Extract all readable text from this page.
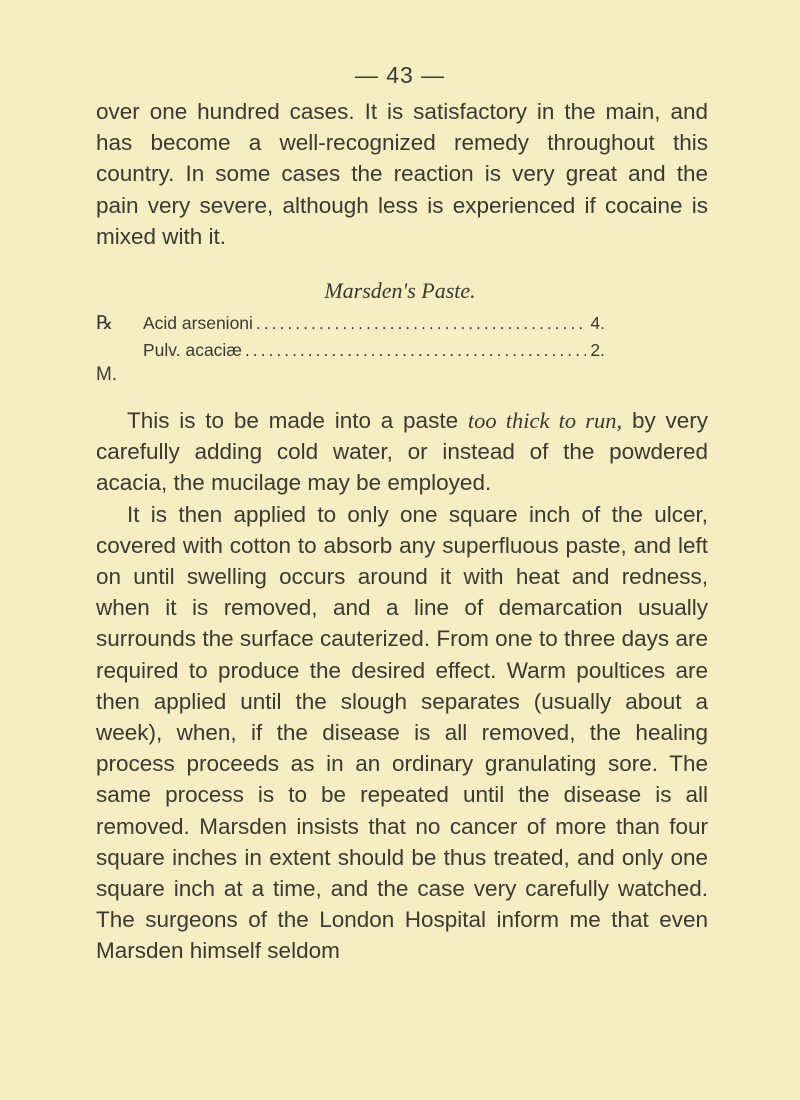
— 43 —

over one hundred cases. It is satisfactory in the main, and has become a well-recognized remedy throughout this country. In some cases the reaction is very great and the pain very severe, although less is experienced if cocaine is mixed with it.

Marsden's Paste.
℞ Acid arsenioni .....	4.
Pulv. acaciæ .....	2.
M.

This is to be made into a paste too thick to run, by very carefully adding cold water, or instead of the powdered acacia, the mucilage may be employed.

It is then applied to only one square inch of the ulcer, covered with cotton to absorb any superfluous paste, and left on until swelling occurs around it with heat and redness, when it is removed, and a line of demarcation usually surrounds the surface cauterized. From one to three days are required to produce the desired effect. Warm poultices are then applied until the slough separates (usually about a week), when, if the disease is all removed, the healing process proceeds as in an ordinary granulating sore. The same process is to be repeated until the disease is all removed. Marsden insists that no cancer of more than four square inches in extent should be thus treated, and only one square inch at a time, and the case very carefully watched. The surgeons of the London Hospital inform me that even Marsden himself seldom
